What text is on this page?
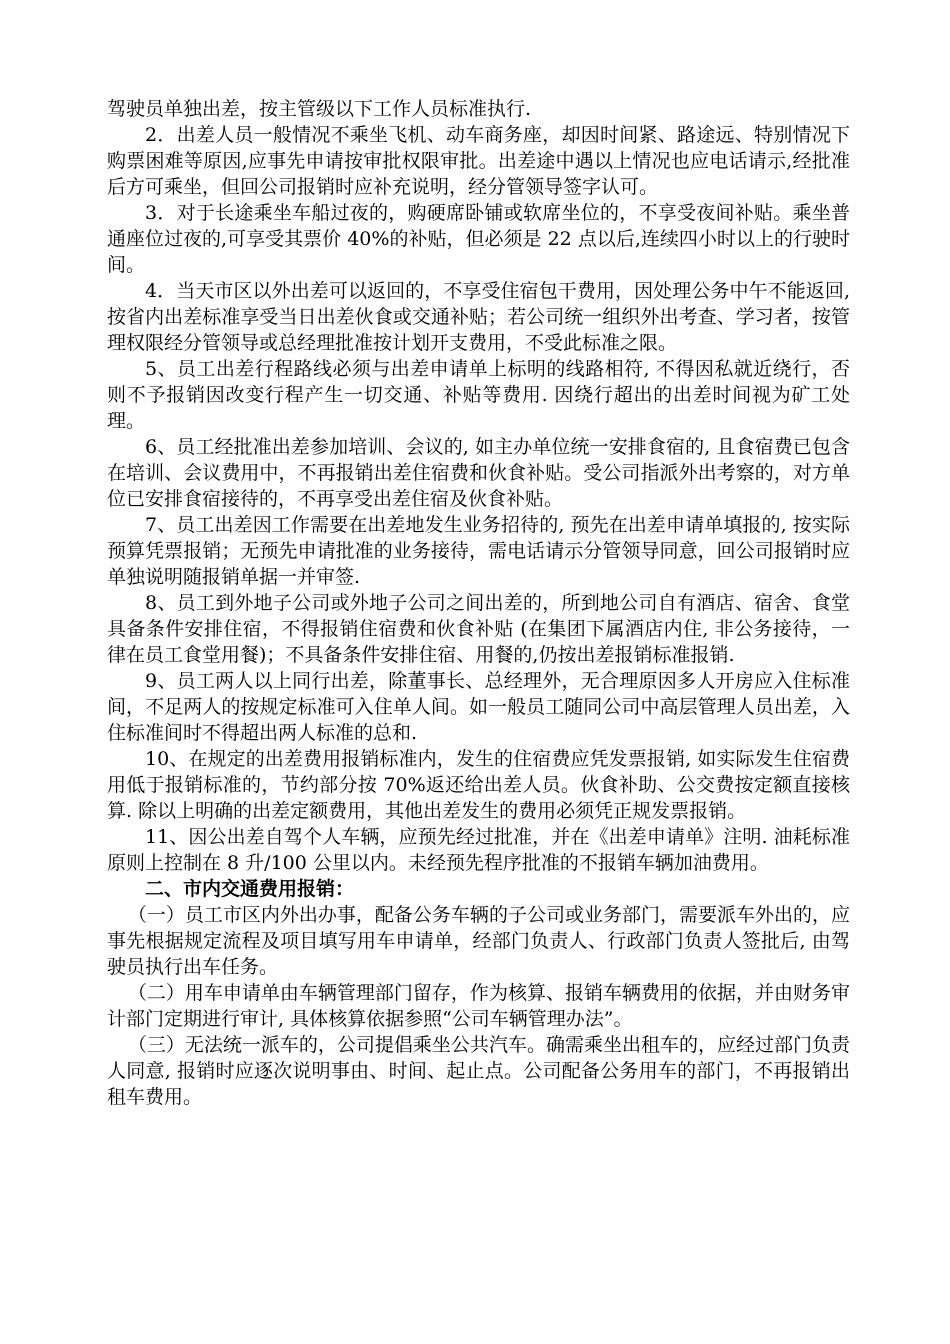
驾驶员单独出差，按主管级以下工作人员标准执行.

2．出差人员一般情况不乘坐飞机、动车商务座，却因时间紧、路途远、特别情况下购票困难等原因,应事先申请按审批权限审批。出差途中遇以上情况也应电话请示,经批准后方可乘坐，但回公司报销时应补充说明，经分管领导签字认可。

3．对于长途乘坐车船过夜的，购硬席卧铺或软席坐位的，不享受夜间补贴。乘坐普通座位过夜的,可享受其票价 40%的补贴，但必须是 22 点以后,连续四小时以上的行驶时间。

4．当天市区以外出差可以返回的，不享受住宿包干费用，因处理公务中午不能返回,按省内出差标准享受当日出差伙食或交通补贴；若公司统一组织外出考查、学习者，按管理权限经分管领导或总经理批准按计划开支费用，不受此标准之限。

5、员工出差行程路线必须与出差申请单上标明的线路相符, 不得因私就近绕行，否则不予报销因改变行程产生一切交通、补贴等费用. 因绕行超出的出差时间视为矿工处理。

6、员工经批准出差参加培训、会议的, 如主办单位统一安排食宿的, 且食宿费已包含在培训、会议费用中，不再报销出差住宿费和伙食补贴。受公司指派外出考察的，对方单位已安排食宿接待的，不再享受出差住宿及伙食补贴。

7、员工出差因工作需要在出差地发生业务招待的, 预先在出差申请单填报的, 按实际预算凭票报销；无预先申请批准的业务接待，需电话请示分管领导同意，回公司报销时应单独说明随报销单据一并审签.

8、员工到外地子公司或外地子公司之间出差的，所到地公司自有酒店、宿舍、食堂具备条件安排住宿，不得报销住宿费和伙食补贴 (在集团下属酒店内住, 非公务接待，一律在员工食堂用餐)；不具备条件安排住宿、用餐的,仍按出差报销标准报销.

9、员工两人以上同行出差，除董事长、总经理外，无合理原因多人开房应入住标准间，不足两人的按规定标准可入住单人间。如一般员工随同公司中高层管理人员出差，入住标准间时不得超出两人标准的总和.

10、在规定的出差费用报销标准内，发生的住宿费应凭发票报销, 如实际发生住宿费用低于报销标准的，节约部分按 70%返还给出差人员。伙食补助、公交费按定额直接核算. 除以上明确的出差定额费用，其他出差发生的费用必须凭正规发票报销。

11、因公出差自驾个人车辆，应预先经过批准，并在《出差申请单》注明. 油耗标准原则上控制在 8 升/100 公里以内。未经预先程序批准的不报销车辆加油费用。

二、市内交通费用报销：

（一）员工市区内外出办事，配备公务车辆的子公司或业务部门，需要派车外出的，应事先根据规定流程及项目填写用车申请单，经部门负责人、行政部门负责人签批后, 由驾驶员执行出车任务。

（二）用车申请单由车辆管理部门留存，作为核算、报销车辆费用的依据，并由财务审计部门定期进行审计, 具体核算依据参照“公司车辆管理办法”。

（三）无法统一派车的，公司提倡乘坐公共汽车。确需乘坐出租车的，应经过部门负责人同意, 报销时应逐次说明事由、时间、起止点。公司配备公务用车的部门，不再报销出租车费用。
